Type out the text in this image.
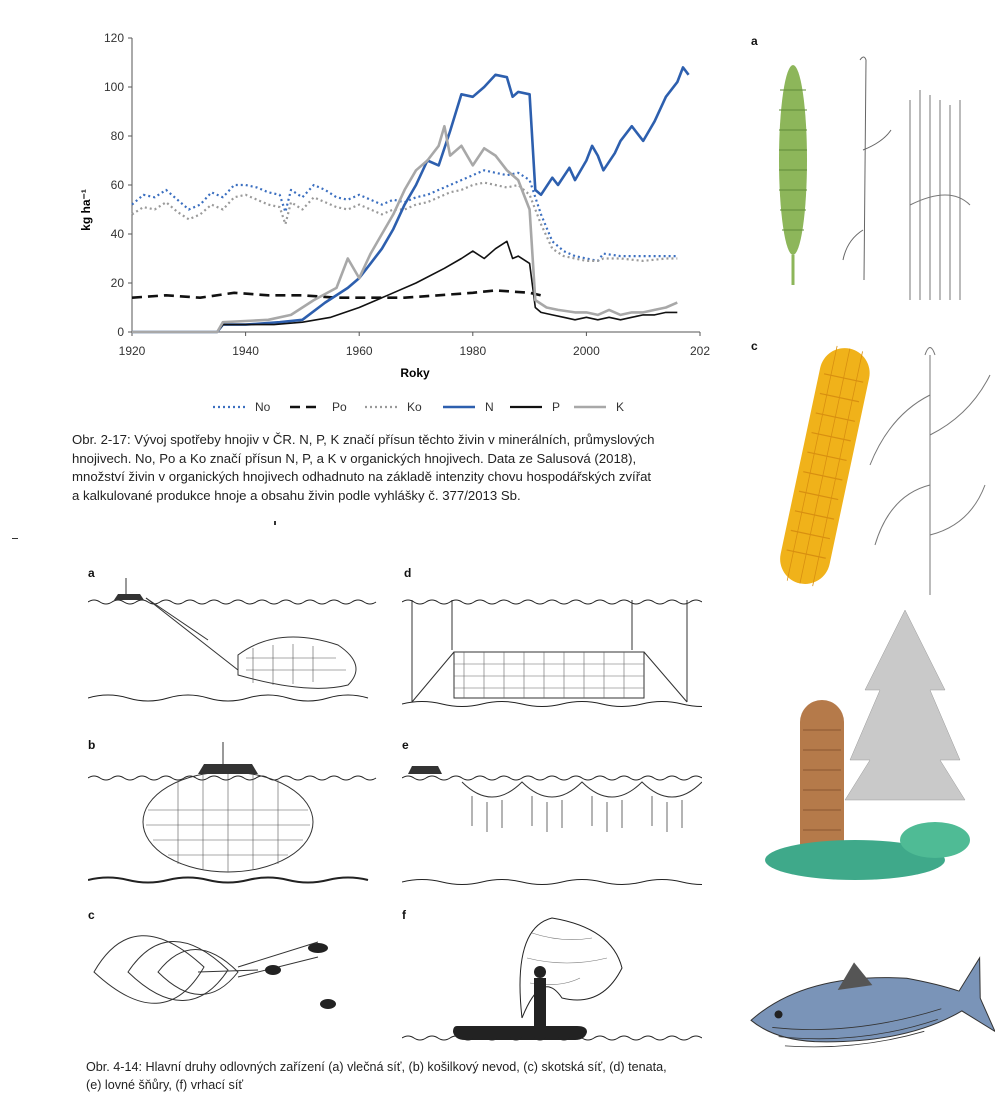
0
20
40
60
80
100
120
1920	1940	1960	1980	2000	202
kg ha⁻¹
Roky
No	Po	Ko	N	P	K
Obr. 2-17: Vývoj spotřeby hnojiv v ČR. N, P, K značí přísun těchto živin v minerálních, průmyslových
hnojivech. No, Po a Ko značí přísun N, P, a K v organických hnojivech. Data ze Salusová (2018),
množství živin v organických hnojivech odhadnuto na základě intenzity chovu hospodářských zvířat
a kalkulované produkce hnoje a obsahu živin podle vyhlášky č. 377/2013 Sb.
a	d
b	e
c	f
Obr. 4-14: Hlavní druhy odlovných zařízení (a) vlečná síť, (b) košilkový nevod, (c) skotská síť, (d) tenata,
(e) lovné šňůry, (f) vrhací síť
a
c
